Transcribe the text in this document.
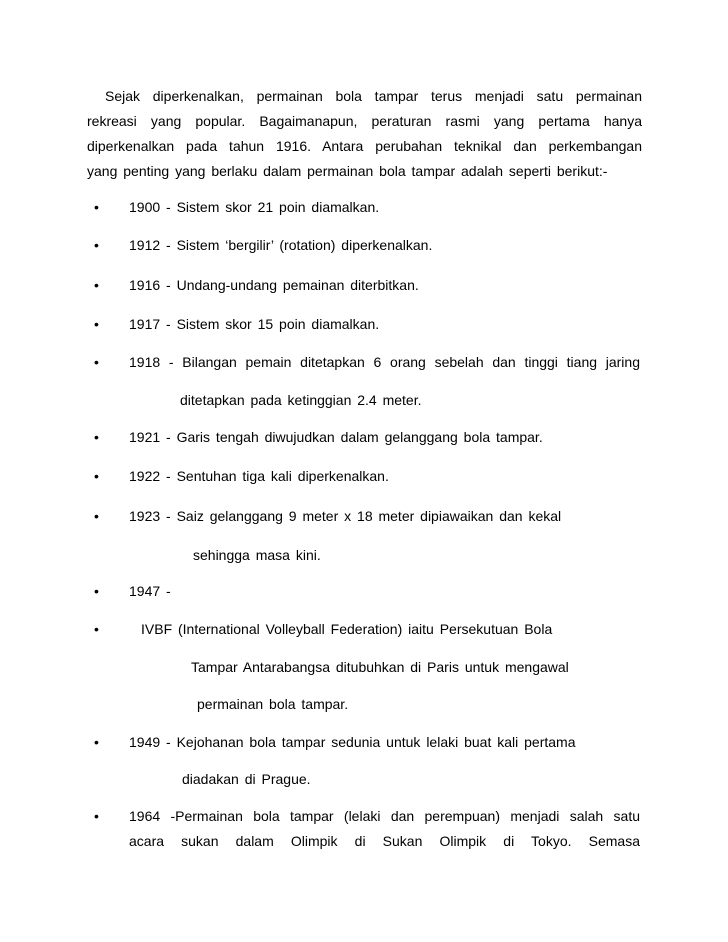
Sejak diperkenalkan, permainan bola tampar terus menjadi satu permainan
rekreasi yang popular. Bagaimanapun, peraturan rasmi yang pertama hanya
diperkenalkan pada tahun 1916. Antara perubahan teknikal dan perkembangan
yang penting yang berlaku dalam permainan bola tampar adalah seperti berikut:-
•	1900 - Sistem skor 21 poin diamalkan.
•	1912 - Sistem ‘bergilir’ (rotation) diperkenalkan.
•	1916 - Undang-undang pemainan diterbitkan.
•	1917 - Sistem skor 15 poin diamalkan.
•	1918 - Bilangan pemain ditetapkan 6 orang sebelah dan tinggi tiang jaring
ditetapkan pada ketinggian 2.4 meter.
•	1921 - Garis tengah diwujudkan dalam gelanggang bola tampar.
•	1922 - Sentuhan tiga kali diperkenalkan.
•	1923 - Saiz gelanggang 9 meter x 18 meter dipiawaikan dan kekal
sehingga masa kini.
•	1947 -
•	IVBF (International Volleyball Federation) iaitu Persekutuan Bola
Tampar Antarabangsa ditubuhkan di Paris untuk mengawal
permainan bola tampar.
•	1949 - Kejohanan bola tampar sedunia untuk lelaki buat kali pertama
diadakan di Prague.
•	1964 -Permainan bola tampar (lelaki dan perempuan) menjadi salah satu
acara sukan dalam Olimpik di Sukan Olimpik di Tokyo. Semasa
